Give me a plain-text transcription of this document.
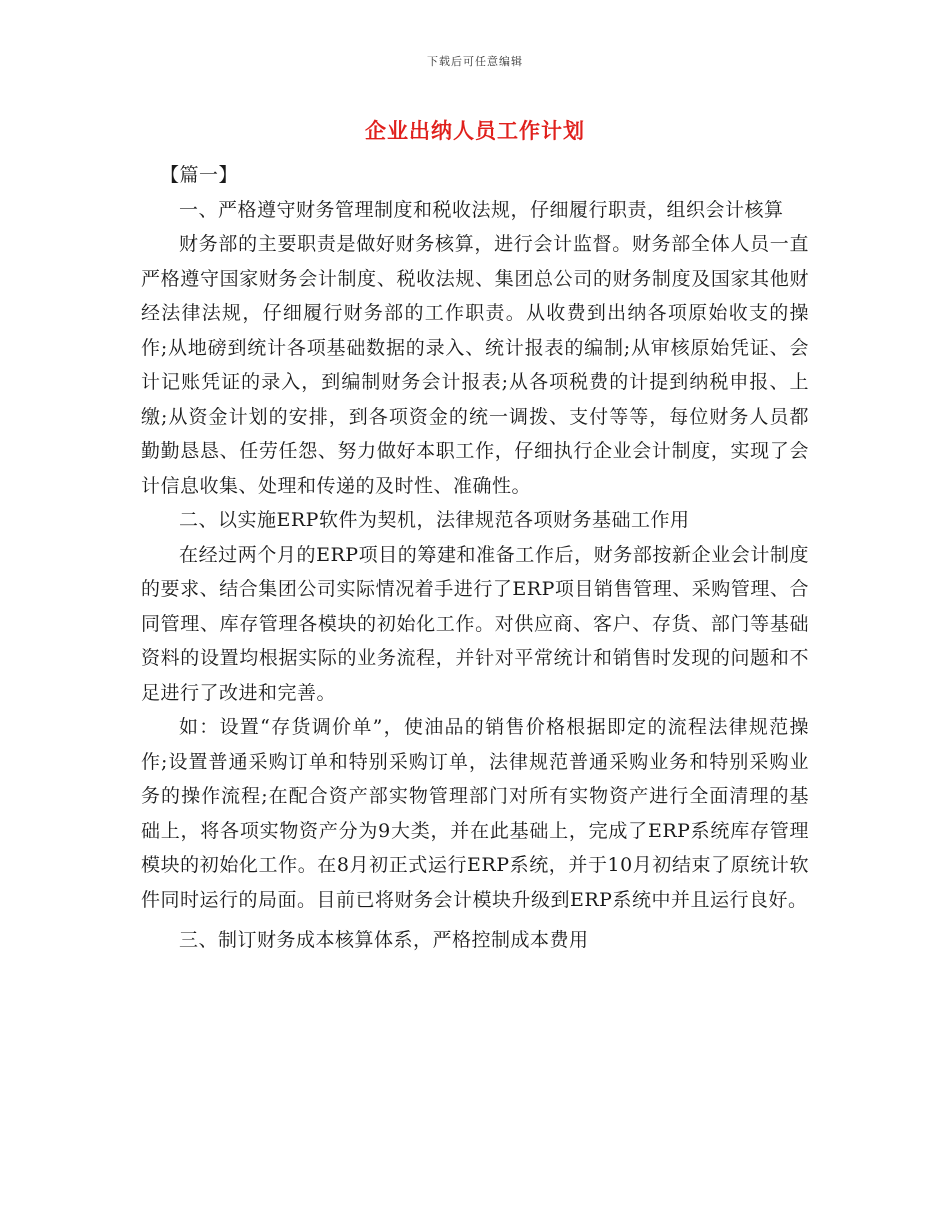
下载后可任意编辑
企业出纳人员工作计划

【篇一】

一、严格遵守财务管理制度和税收法规，仔细履行职责，组织会计核算

财务部的主要职责是做好财务核算，进行会计监督。财务部全体人员一直严格遵守国家财务会计制度、税收法规、集团总公司的财务制度及国家其他财经法律法规，仔细履行财务部的工作职责。从收费到出纳各项原始收支的操作;从地磅到统计各项基础数据的录入、统计报表的编制;从审核原始凭证、会计记账凭证的录入，到编制财务会计报表;从各项税费的计提到纳税申报、上缴;从资金计划的安排，到各项资金的统一调拨、支付等等，每位财务人员都勤勤恳恳、任劳任怨、努力做好本职工作，仔细执行企业会计制度，实现了会计信息收集、处理和传递的及时性、准确性。

二、以实施ERP软件为契机，法律规范各项财务基础工作用

在经过两个月的ERP项目的筹建和准备工作后，财务部按新企业会计制度的要求、结合集团公司实际情况着手进行了ERP项目销售管理、采购管理、合同管理、库存管理各模块的初始化工作。对供应商、客户、存货、部门等基础资料的设置均根据实际的业务流程，并针对平常统计和销售时发现的问题和不足进行了改进和完善。

如：设置“存货调价单”，使油品的销售价格根据即定的流程法律规范操作;设置普通采购订单和特别采购订单，法律规范普通采购业务和特别采购业务的操作流程;在配合资产部实物管理部门对所有实物资产进行全面清理的基础上，将各项实物资产分为9大类，并在此基础上，完成了ERP系统库存管理模块的初始化工作。在8月初正式运行ERP系统，并于10月初结束了原统计软件同时运行的局面。目前已将财务会计模块升级到ERP系统中并且运行良好。

三、制订财务成本核算体系，严格控制成本费用
